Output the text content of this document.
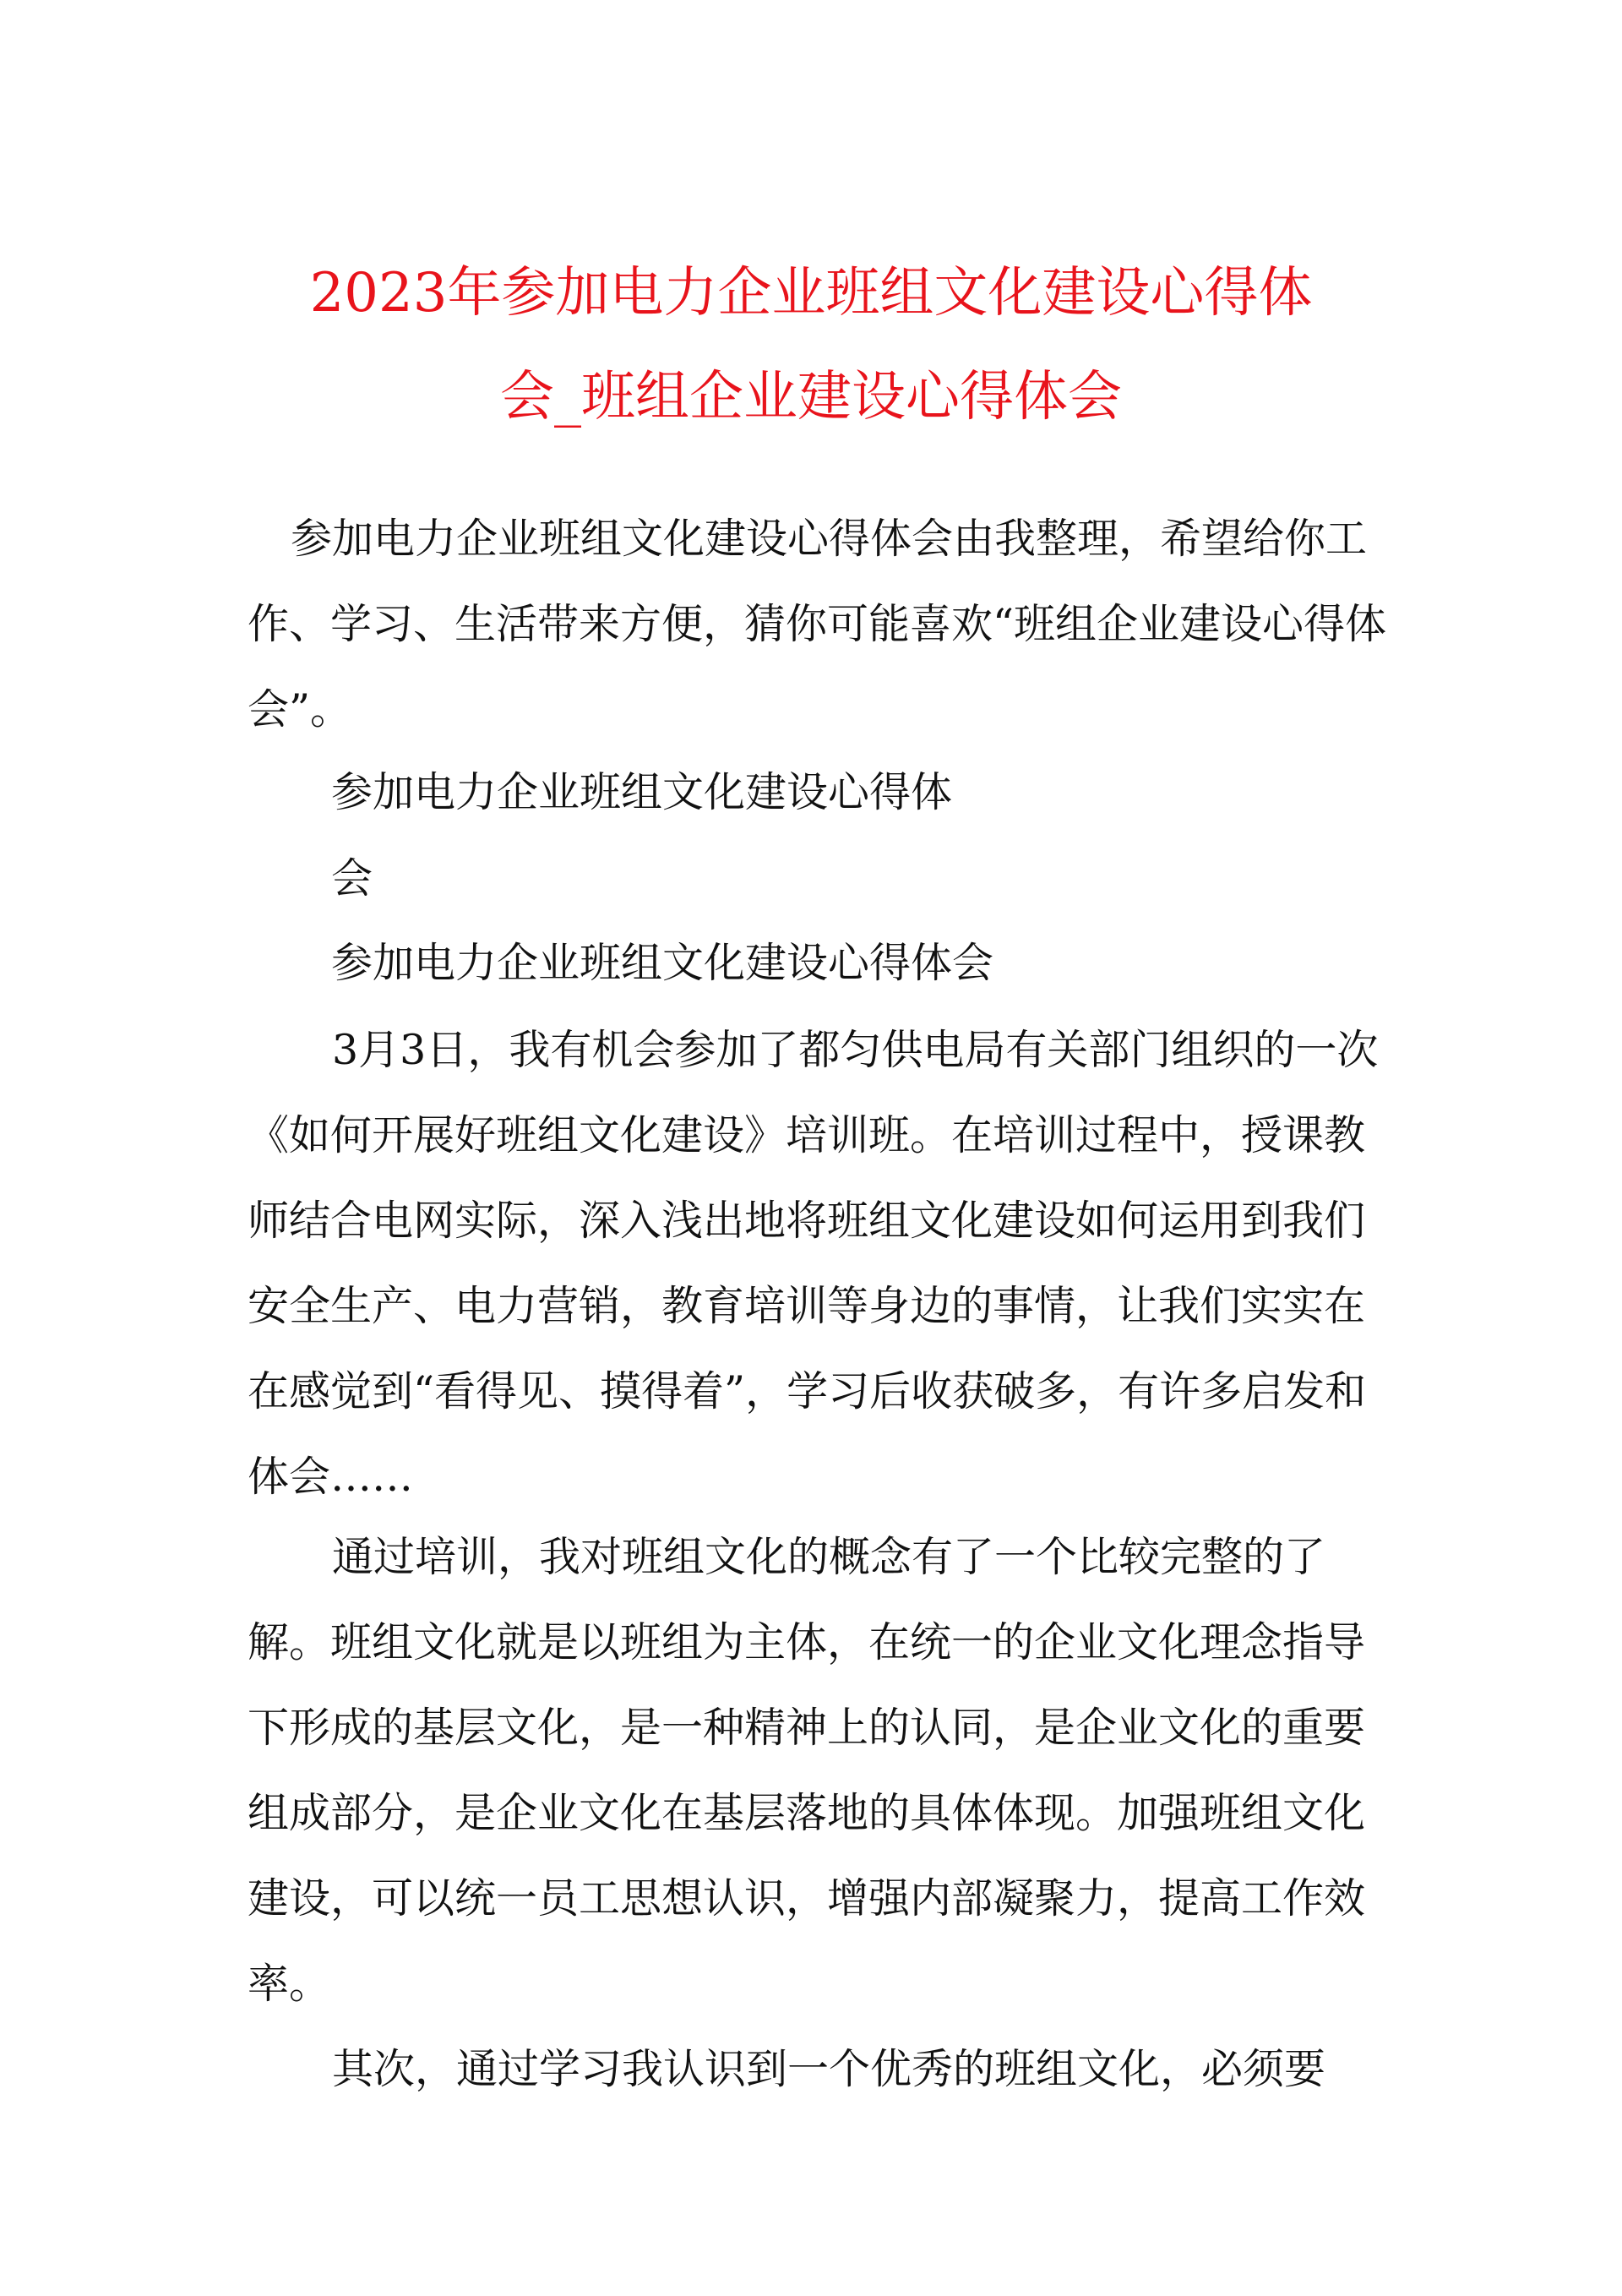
2023年参加电力企业班组文化建设心得体
会_班组企业建设心得体会
参加电力企业班组文化建设心得体会由我整理，希望给你工作、学习、生活带来方便，猜你可能喜欢“班组企业建设心得体会”。
参加电力企业班组文化建设心得体
会
参加电力企业班组文化建设心得体会
3月3日，我有机会参加了都匀供电局有关部门组织的一次《如何开展好班组文化建设》培训班。在培训过程中，授课教师结合电网实际，深入浅出地将班组文化建设如何运用到我们安全生产、电力营销，教育培训等身边的事情，让我们实实在在感觉到“看得见、摸得着”，学习后收获破多，有许多启发和体会……
通过培训，我对班组文化的概念有了一个比较完整的了解。班组文化就是以班组为主体，在统一的企业文化理念指导下形成的基层文化，是一种精神上的认同，是企业文化的重要组成部分，是企业文化在基层落地的具体体现。加强班组文化建设，可以统一员工思想认识，增强内部凝聚力，提高工作效率。
其次，通过学习我认识到一个优秀的班组文化，必须要
